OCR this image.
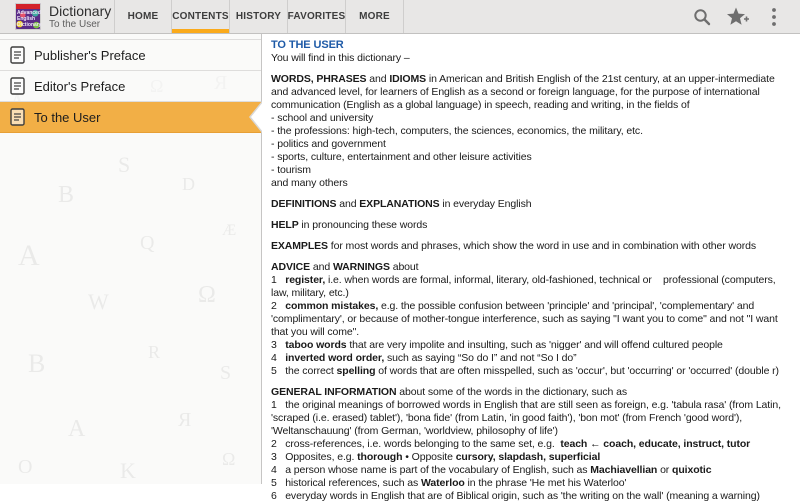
Advanced
English
Dictionary
Dictionary
To the User
HOME	CONTENTS HISTORY FAVORITES	MORE
S
B	D
A	Q
Æ
W	Ω
B	R
S
A	Я
O	K	Ω
Publisher's Preface
Editor's Preface
To the User
TO THE USER
You will find in this dictionary –
WORDS, PHRASES and IDIOMS in American and British English of the 21st century, at an upper-intermediate and advanced level, for learners of English as a second or foreign language, for the purpose of international communication (English as a global language) in speech, reading and writing, in the fields of
- school and university
- the professions: high-tech, computers, the sciences, economics, the military, etc.
- politics and government
- sports, culture, entertainment and other leisure activities
- tourism
and many others
DEFINITIONS and EXPLANATIONS in everyday English
HELP in pronouncing these words
EXAMPLES for most words and phrases, which show the word in use and in combination with other words
ADVICE and WARNINGS about
1   register, i.e. when words are formal, informal, literary, old-fashioned, technical or    professional (computers, law, military, etc.)
2   common mistakes, e.g. the possible confusion between 'principle' and 'principal', 'complementary' and 'complimentary', or because of mother-tongue interference, such as saying "I want you to come" and not "I want that you will come".
3   taboo words that are very impolite and insulting, such as 'nigger' and will offend cultured people
4   inverted word order, such as saying “So do I” and not “So I do”
5   the correct spelling of words that are often misspelled, such as 'occur', but 'occurring' or 'occurred' (double r)
GENERAL INFORMATION about some of the words in the dictionary, such as
1   the original meanings of borrowed words in English that are still seen as foreign, e.g. 'tabula rasa' (from Latin, 'scraped (i.e. erased) tablet'), 'bona fide' (from Latin, 'in good faith'), 'bon mot' (from French 'good word'), 'Weltanschauung' (from German, 'worldview, philosophy of life')
2   cross-references, i.e. words belonging to the same set, e.g.  teach ← coach, educate, instruct, tutor
3   Opposites, e.g. thorough • Opposite cursory, slapdash, superficial
4   a person whose name is part of the vocabulary of English, such as Machiavellian or quixotic
5   historical references, such as Waterloo in the phrase 'He met his Waterloo'
6   everyday words in English that are of Biblical origin, such as 'the writing on the wall' (meaning a warning)
